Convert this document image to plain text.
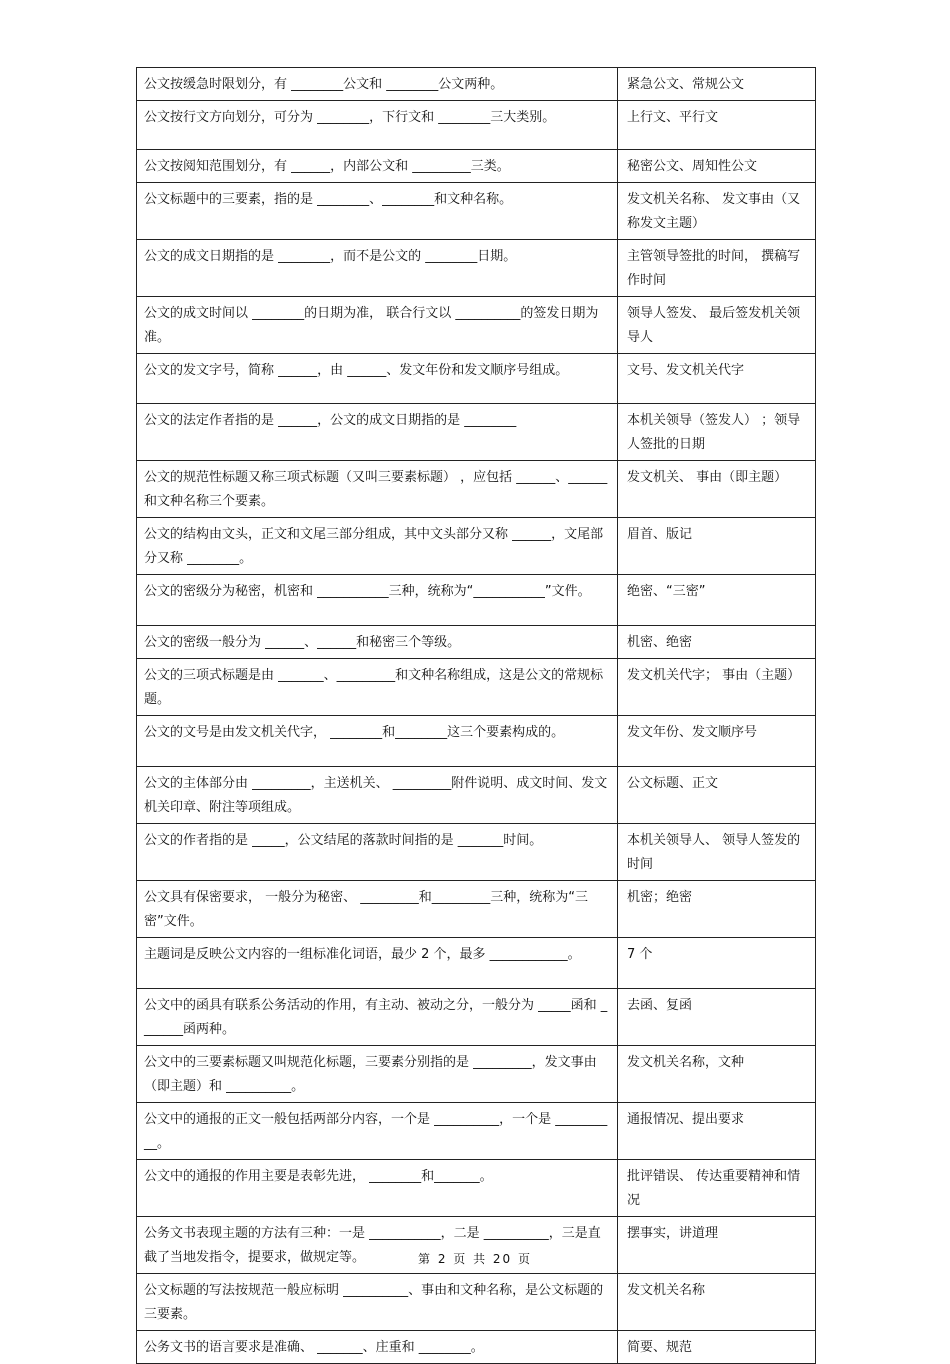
公文按缓急时限划分，有 ________公文和 ________公文两种。	紧急公文、常规公文
公文按行文方向划分，可分为 ________，下行文和 ________三大类别。	上行文、平行文
公文按阅知范围划分，有 ______，内部公文和 _________三类。	秘密公文、周知性公文
公文标题中的三要素，指的是 ________、________和文种名称。	发文机关名称、 发文事由（又称发文主题）
公文的成文日期指的是 ________，而不是公文的 ________日期。	主管领导签批的时间， 撰稿写作时间
公文的成文时间以 ________的日期为准， 联合行文以 __________的签发日期为准。	领导人签发、 最后签发机关领导人
公文的发文字号，简称 ______，由 ______、发文年份和发文顺序号组成。	文号、发文机关代字
公文的法定作者指的是 ______，公文的成文日期指的是 ________	本机关领导（签发人） ；领导人签批的日期
公文的规范性标题又称三项式标题（又叫三要素标题） ，应包括 ______、______和文种名称三个要素。	发文机关、 事由（即主题）
公文的结构由文头，正文和文尾三部分组成，其中文头部分又称 ______，文尾部分又称 ________。	眉首、版记
公文的密级分为秘密，机密和 ___________三种，统称为“___________”文件。	绝密、“三密”
公文的密级一般分为 ______、______和秘密三个等级。	机密、绝密
公文的三项式标题是由 _______、_________和文种名称组成，这是公文的常规标题。	发文机关代字； 事由（主题）
公文的文号是由发文机关代字， ________和________这三个要素构成的。	发文年份、发文顺序号
公文的主体部分由 _________，主送机关、 _________附件说明、成文时间、发文机关印章、附注等项组成。	公文标题、正文
公文的作者指的是 _____，公文结尾的落款时间指的是 _______时间。	本机关领导人、 领导人签发的时间
公文具有保密要求， 一般分为秘密、 _________和_________三种，统称为“三密”文件。	机密；绝密
主题词是反映公文内容的一组标准化词语，最少 2 个，最多 ____________。	7 个
公文中的函具有联系公务活动的作用，有主动、被动之分，一般分为 _____函和 _______函两种。	去函、复函
公文中的三要素标题又叫规范化标题，三要素分别指的是 _________，发文事由（即主题）和 __________。	发文机关名称，文种
公文中的通报的正文一般包括两部分内容，一个是 __________，一个是 __________。	通报情况、提出要求
公文中的通报的作用主要是表彰先进， ________和_______。	批评错误、 传达重要精神和情况
公务文书表现主题的方法有三种：一是 ___________，二是 __________，三是直截了当地发指令，提要求，做规定等。	摆事实，讲道理
公文标题的写法按规范一般应标明 __________、事由和文种名称，是公文标题的三要素。	发文机关名称
公务文书的语言要求是准确、 _______、庄重和 ________。	简要、规范
第 2 页 共 20 页
